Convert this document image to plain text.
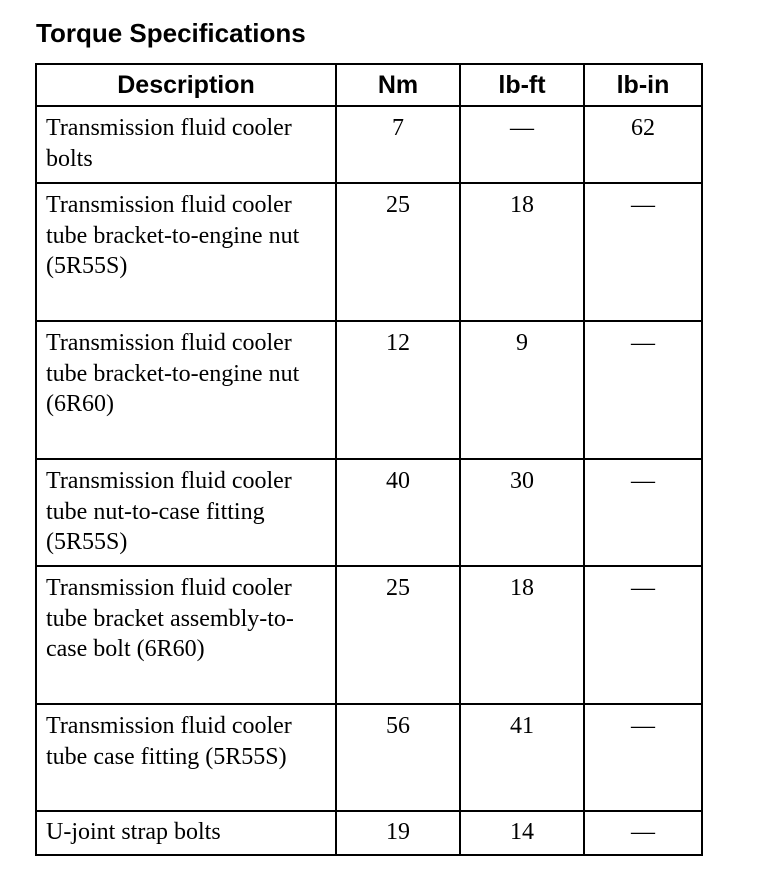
Torque Specifications
Description	Nm	lb-ft	lb-in
Transmission fluid cooler bolts	7	—	62
Transmission fluid cooler tube bracket-to-engine nut (5R55S)	25	18	—
Transmission fluid cooler tube bracket-to-engine nut (6R60)	12	9	—
Transmission fluid cooler tube nut-to-case fitting (5R55S)	40	30	—
Transmission fluid cooler tube bracket assembly-to-case bolt (6R60)	25	18	—
Transmission fluid cooler tube case fitting (5R55S)	56	41	—
U-joint strap bolts	19	14	—
